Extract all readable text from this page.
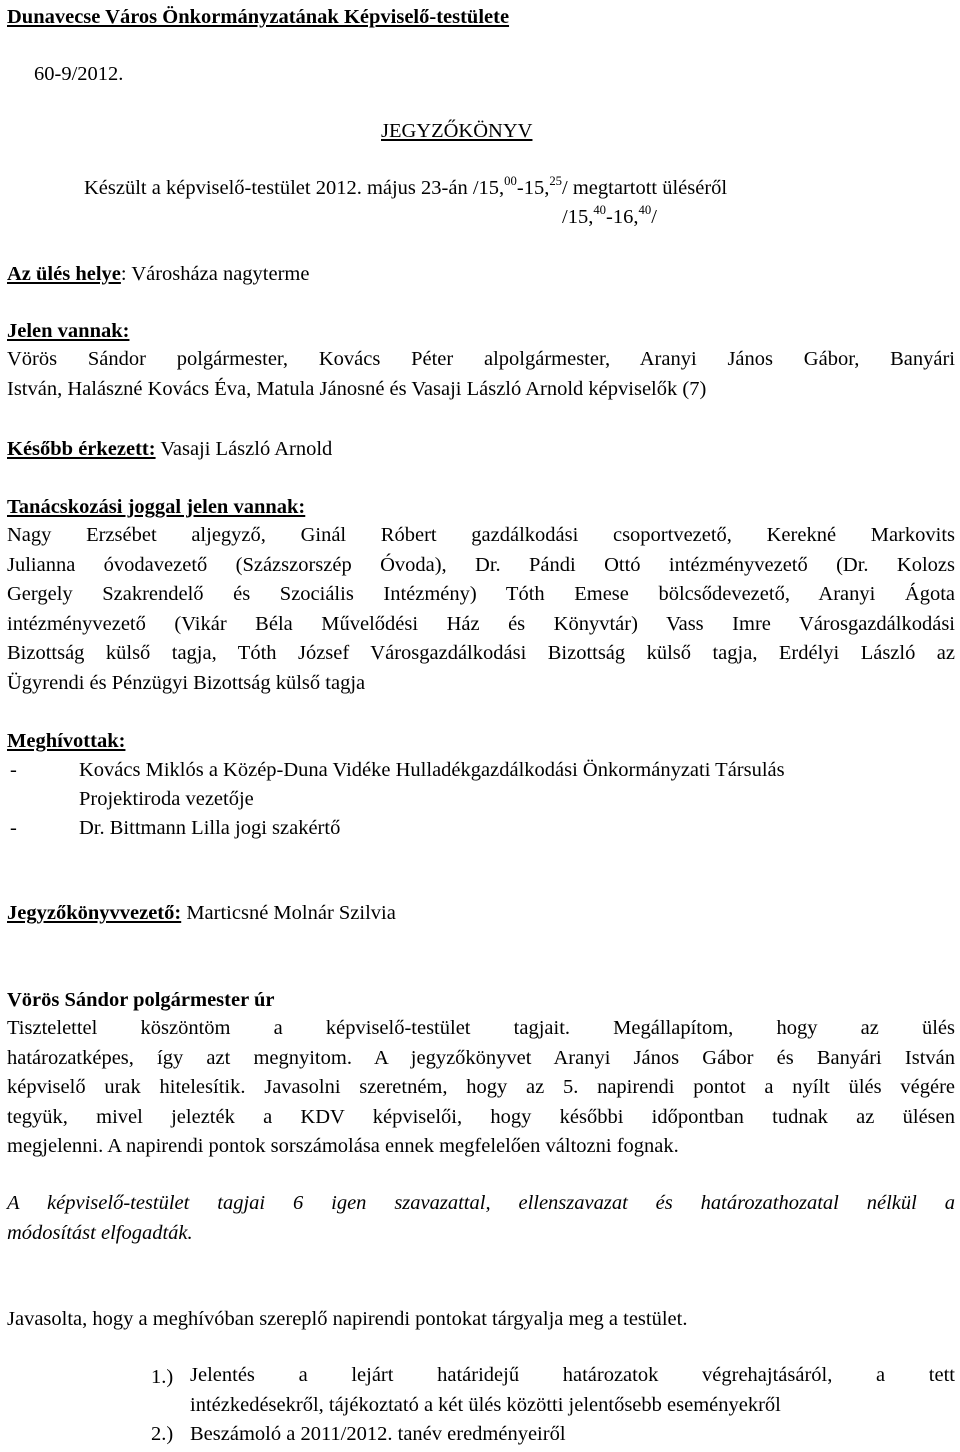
Dunavecse Város Önkormányzatának Képviselő-testülete
60-9/2012.
JEGYZŐKÖNYV
Készült a képviselő-testület 2012. május 23-án /15,00-15,25/ megtartott üléséről
/15,40-16,40/
Az ülés helye: Városháza nagyterme
Jelen vannak:
Vörös Sándor polgármester, Kovács Péter alpolgármester, Aranyi János Gábor, Banyári
István, Halászné Kovács Éva, Matula Jánosné és Vasaji László Arnold képviselők (7)
Később érkezett: Vasaji László Arnold
Tanácskozási joggal jelen vannak:
Nagy Erzsébet aljegyző, Ginál Róbert gazdálkodási csoportvezető, Kerekné Markovits
Julianna óvodavezető (Százszorszép Óvoda), Dr. Pándi Ottó intézményvezető (Dr. Kolozs
Gergely Szakrendelő és Szociális Intézmény) Tóth Emese bölcsődevezető, Aranyi Ágota
intézményvezető (Vikár Béla Művelődési Ház és Könyvtár) Vass Imre Városgazdálkodási
Bizottság külső tagja, Tóth József Városgazdálkodási Bizottság külső tagja, Erdélyi László az
Ügyrendi és Pénzügyi Bizottság külső tagja
Meghívottak:
-	Kovács Miklós a Közép-Duna Vidéke Hulladékgazdálkodási Önkormányzati Társulás
Projektiroda vezetője
-	Dr. Bittmann Lilla jogi szakértő
Jegyzőkönyvvezető: Marticsné Molnár Szilvia
Vörös Sándor polgármester úr
Tisztelettel köszöntöm a képviselő-testület tagjait. Megállapítom, hogy az ülés
határozatképes, így azt megnyitom. A jegyzőkönyvet Aranyi János Gábor és Banyári István
képviselő urak hitelesítik. Javasolni szeretném, hogy az 5. napirendi pontot a nyílt ülés végére
tegyük, mivel jelezték a KDV képviselői, hogy későbbi időpontban tudnak az ülésen
megjelenni. A napirendi pontok sorszámolása ennek megfelelően változni fognak.
A képviselő-testület tagjai 6 igen szavazattal, ellenszavazat és határozathozatal nélkül a
módosítást elfogadták.
Javasolta, hogy a meghívóban szereplő napirendi pontokat tárgyalja meg a testület.
1.) Jelentés a lejárt határidejű határozatok végrehajtásáról, a tett
intézkedésekről, tájékoztató a két ülés közötti jelentősebb eseményekről
2.) Beszámoló a 2011/2012. tanév eredményeiről
